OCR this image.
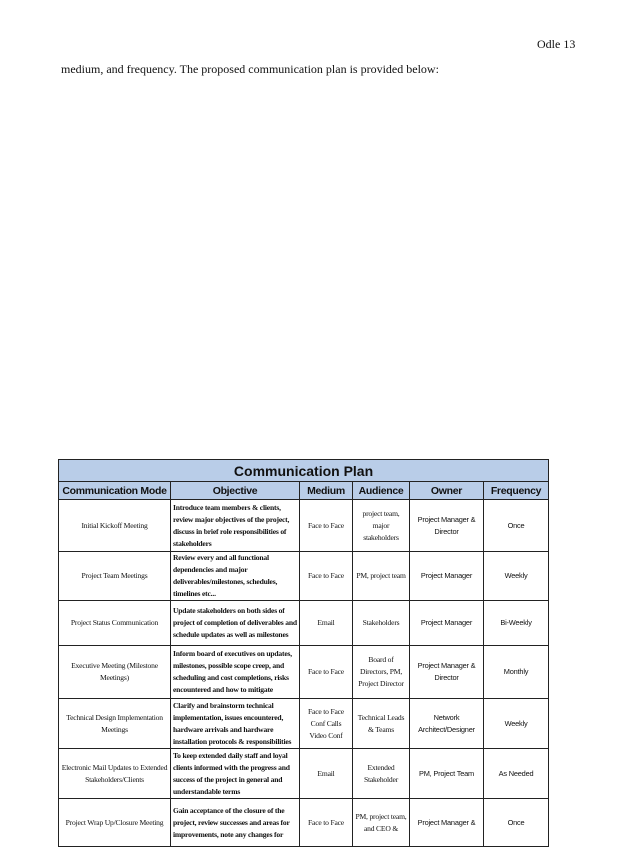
Odle 13
medium, and frequency. The proposed communication plan is provided below:
Communication Plan					
Communication Mode	Objective	Medium	Audience	Owner	Frequency
Initial Kickoff Meeting	Introduce team members & clients, review major objectives of the project, discuss in brief role responsibilities of stakeholders	Face to Face	project team, major stakeholders	Project Manager & Director	Once
Project Team Meetings	Review every and all functional dependencies and major deliverables/milestones, schedules, timelines etc...	Face to Face	PM, project team	Project Manager	Weekly
Project Status Communication	Update stakeholders on both sides of project of completion of deliverables and schedule updates as well as milestones	Email	Stakeholders	Project Manager	Bi-Weekly
Executive Meeting (Milestone Meetings)	Inform board of executives on updates, milestones, possible scope creep, and scheduling and cost completions, risks encountered and how to mitigate	Face to Face	Board of Directors, PM, Project Director	Project Manager & Director	Monthly
Technical Design Implementation Meetings	Clarify and brainstorm technical implementation, issues encountered, hardware arrivals and hardware installation protocols & responsibilities	Face to Face Conf Calls Video Conf	Technical Leads & Teams	Network Architect/Designer	Weekly
Electronic Mail Updates to Extended Stakeholders/Clients	To keep extended daily staff and loyal clients informed with the progress and success of the project in general and understandable terms	Email	Extended Stakeholder	PM, Project Team	As Needed
Project Wrap Up/Closure Meeting	Gain acceptance of the closure of the project, review successes and areas for improvements, note any changes for	Face to Face	PM, project team, and CEO &	Project Manager &	Once
